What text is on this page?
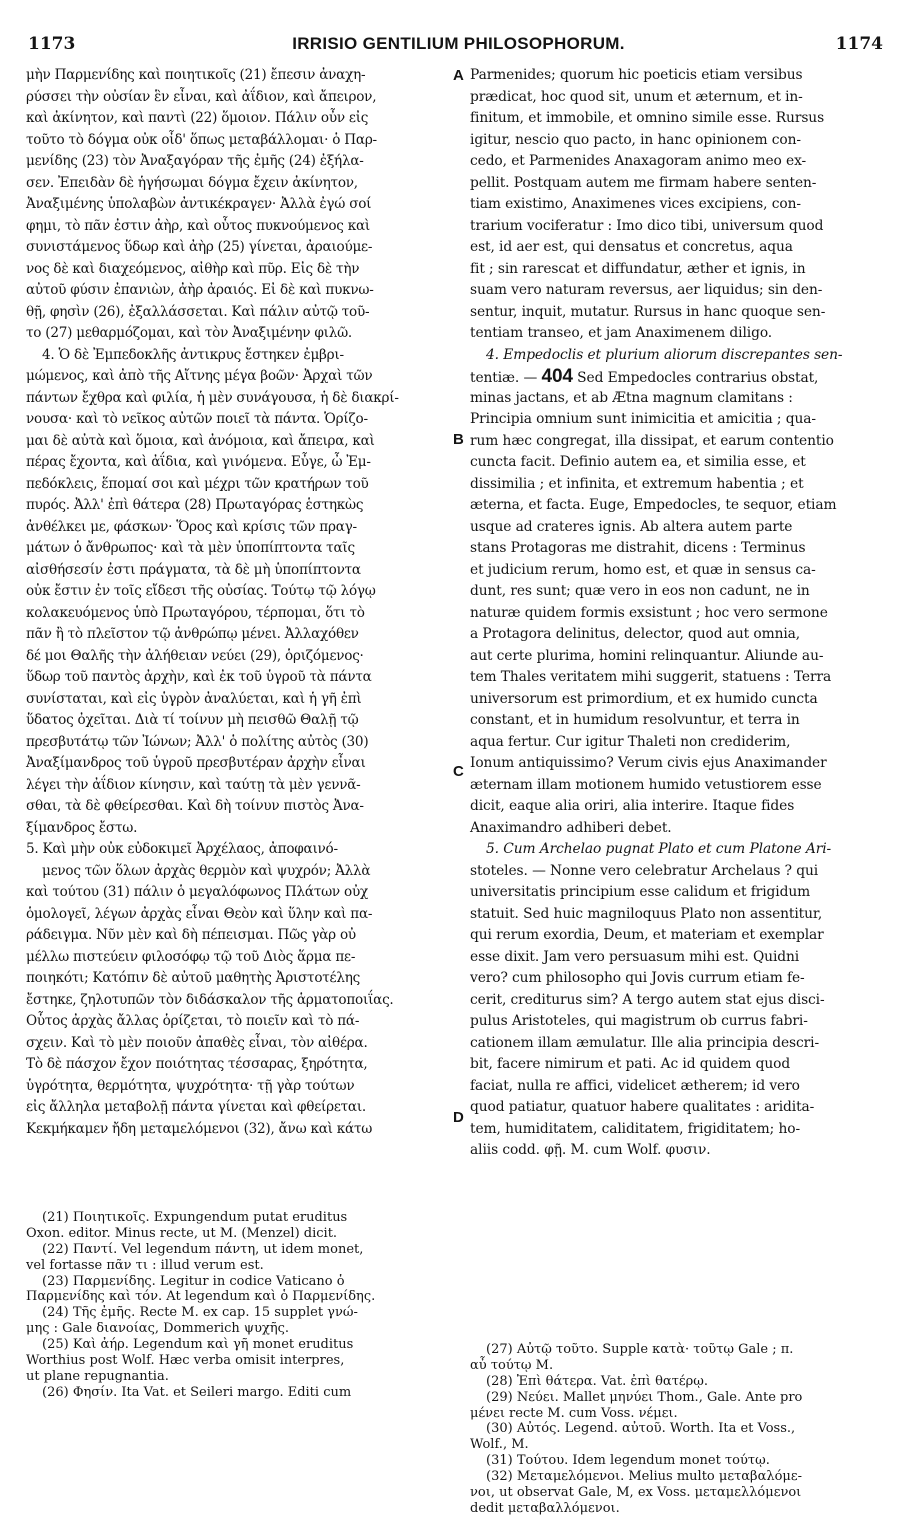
1173	IRRISIO GENTILIUM PHILOSOPHORUM.	1174
A
B
C
D
μὴν Παρμενίδης καὶ ποιητικοῖς (21) ἔπεσιν ἀναχη-
ρύσσει τὴν οὐσίαν ἓν εἶναι, καὶ ἀΐδιον, καὶ ἄπειρον,
καὶ ἀκίνητον, καὶ παντὶ (22) ὅμοιον. Πάλιν οὖν εἰς
τοῦτο τὸ δόγμα οὐκ οἶδ' ὅπως μεταβάλλομαι· ὁ Παρ-
μενίδης (23) τὸν Ἀναξαγόραν τῆς ἐμῆς (24) ἐξήλα-
σεν. Ἐπειδὰν δὲ ἡγήσωμαι δόγμα ἔχειν ἀκίνητον,
Ἀναξιμένης ὑπολαβὼν ἀντικέκραγεν· Ἀλλὰ ἐγώ σοί
φημι, τὸ πᾶν ἐστιν ἀὴρ, καὶ οὗτος πυκνούμενος καὶ
συνιστάμενος ὕδωρ καὶ ἀὴρ (25) γίνεται, ἀραιούμε-
νος δὲ καὶ διαχεόμενος, αἰθὴρ καὶ πῦρ. Εἰς δὲ τὴν
αὐτοῦ φύσιν ἐπανιὼν, ἀὴρ ἀραιός. Εἰ δὲ καὶ πυκνω-
θῇ, φησὶν (26), ἐξαλλάσσεται. Καὶ πάλιν αὐτῷ τοῦ-
το (27) μεθαρμόζομαι, καὶ τὸν Ἀναξιμένην φιλῶ.
4. Ὁ δὲ Ἐμπεδοκλῆς ἀντικρυς ἔστηκεν ἐμβρι-
μώμενος, καὶ ἀπὸ τῆς Αἴτνης μέγα βοῶν· Ἀρχαὶ τῶν
πάντων ἔχθρα καὶ φιλία, ἡ μὲν συνάγουσα, ἡ δὲ διακρί-
νουσα· καὶ τὸ νεῖκος αὐτῶν ποιεῖ τὰ πάντα. Ὁρίζο-
μαι δὲ αὐτὰ καὶ ὅμοια, καὶ ἀνόμοια, καὶ ἄπειρα, καὶ
πέρας ἔχοντα, καὶ ἀΐδια, καὶ γινόμενα. Εὖγε, ὦ Ἐμ-
πεδόκλεις, ἕπομαί σοι καὶ μέχρι τῶν κρατήρων τοῦ
πυρός. Ἀλλ' ἐπὶ θάτερα (28) Πρωταγόρας ἑστηκὼς
ἀνθέλκει με, φάσκων· Ὅρος καὶ κρίσις τῶν πραγ-
μάτων ὁ ἄνθρωπος· καὶ τὰ μὲν ὑποπίπτοντα ταῖς
αἰσθήσεσίν ἐστι πράγματα, τὰ δὲ μὴ ὑποπίπτοντα
οὐκ ἔστιν ἐν τοῖς εἴδεσι τῆς οὐσίας. Τούτῳ τῷ λόγῳ
κολακευόμενος ὑπὸ Πρωταγόρου, τέρπομαι, ὅτι τὸ
πᾶν ἢ τὸ πλεῖστον τῷ ἀνθρώπῳ μένει. Ἀλλαχόθεν
δέ μοι Θαλῆς τὴν ἀλήθειαν νεύει (29), ὁριζόμενος·
ὕδωρ τοῦ παντὸς ἀρχὴν, καὶ ἐκ τοῦ ὑγροῦ τὰ πάντα
συνίσταται, καὶ εἰς ὑγρὸν ἀναλύεται, καὶ ἡ γῆ ἐπὶ
ὕδατος ὀχεῖται. Διὰ τί τοίνυν μὴ πεισθῶ Θαλῇ τῷ
πρεσβυτάτῳ τῶν Ἰώνων; Ἀλλ' ὁ πολίτης αὐτὸς (30)
Ἀναξίμανδρος τοῦ ὑγροῦ πρεσβυτέραν ἀρχὴν εἶναι
λέγει τὴν ἀΐδιον κίνησιν, καὶ ταύτῃ τὰ μὲν γεννᾶ-
σθαι, τὰ δὲ φθείρεσθαι. Καὶ δὴ τοίνυν πιστὸς Ἀνα-
ξίμανδρος ἔστω.
5. Καὶ μὴν οὐκ εὐδοκιμεῖ Ἀρχέλαος, ἀποφαινό-
μενος τῶν ὅλων ἀρχὰς θερμὸν καὶ ψυχρόν; Ἀλλὰ
καὶ τούτου (31) πάλιν ὁ μεγαλόφωνος Πλάτων οὐχ
ὁμολογεῖ, λέγων ἀρχὰς εἶναι Θεὸν καὶ ὕλην καὶ πα-
ράδειγμα. Νῦν μὲν καὶ δὴ πέπεισμαι. Πῶς γὰρ οὐ
μέλλω πιστεύειν φιλοσόφῳ τῷ τοῦ Διὸς ἅρμα πε-
ποιηκότι; Κατόπιν δὲ αὐτοῦ μαθητὴς Ἀριστοτέλης
ἔστηκε, ζηλοτυπῶν τὸν διδάσκαλον τῆς ἁρματοποιΐας.
Οὗτος ἀρχὰς ἄλλας ὁρίζεται, τὸ ποιεῖν καὶ τὸ πά-
σχειν. Καὶ τὸ μὲν ποιοῦν ἀπαθὲς εἶναι, τὸν αἰθέρα.
Τὸ δὲ πάσχον ἔχον ποιότητας τέσσαρας, ξηρότητα,
ὑγρότητα, θερμότητα, ψυχρότητα· τῇ γὰρ τούτων
εἰς ἄλληλα μεταβολῇ πάντα γίνεται καὶ φθείρεται.
Κεκμήκαμεν ἤδη μεταμελόμενοι (32), ἄνω καὶ κάτω
Parmenides; quorum hic poeticis etiam versibus
prædicat, hoc quod sit, unum et æternum, et in-
finitum, et immobile, et omnino simile esse. Rursus
igitur, nescio quo pacto, in hanc opinionem con-
cedo, et Parmenides Anaxagoram animo meo ex-
pellit. Postquam autem me firmam habere senten-
tiam existimo, Anaximenes vices excipiens, con-
trarium vociferatur : Imo dico tibi, universum quod
est, id aer est, qui densatus et concretus, aqua
fit ; sin rarescat et diffundatur, æther et ignis, in
suam vero naturam reversus, aer liquidus; sin den-
sentur, inquit, mutatur. Rursus in hanc quoque sen-
tentiam transeo, et jam Anaximenem diligo.
4. Empedoclis et plurium aliorum discrepantes sen-
tentiæ. — 404 Sed Empedocles contrarius obstat,
minas jactans, et ab Ætna magnum clamitans :
Principia omnium sunt inimicitia et amicitia ; qua-
rum hæc congregat, illa dissipat, et earum contentio
cuncta facit. Definio autem ea, et similia esse, et
dissimilia ; et infinita, et extremum habentia ; et
æterna, et facta. Euge, Empedocles, te sequor, etiam
usque ad crateres ignis. Ab altera autem parte
stans Protagoras me distrahit, dicens : Terminus
et judicium rerum, homo est, et quæ in sensus ca-
dunt, res sunt; quæ vero in eos non cadunt, ne in
naturæ quidem formis exsistunt ; hoc vero sermone
a Protagora delinitus, delector, quod aut omnia,
aut certe plurima, homini relinquantur. Aliunde au-
tem Thales veritatem mihi suggerit, statuens : Terra
universorum est primordium, et ex humido cuncta
constant, et in humidum resolvuntur, et terra in
aqua fertur. Cur igitur Thaleti non crediderim,
Ionum antiquissimo? Verum civis ejus Anaximander
æternam illam motionem humido vetustiorem esse
dicit, eaque alia oriri, alia interire. Itaque fides
Anaximandro adhiberi debet.
5. Cum Archelao pugnat Plato et cum Platone Ari-
stoteles. — Nonne vero celebratur Archelaus ? qui
universitatis principium esse calidum et frigidum
statuit. Sed huic magniloquus Plato non assentitur,
qui rerum exordia, Deum, et materiam et exemplar
esse dixit. Jam vero persuasum mihi est. Quidni
vero? cum philosopho qui Jovis currum etiam fe-
cerit, crediturus sim? A tergo autem stat ejus disci-
pulus Aristoteles, qui magistrum ob currus fabri-
cationem illam æmulatur. Ille alia principia descri-
bit, facere nimirum et pati. Ac id quidem quod
faciat, nulla re affici, videlicet ætherem; id vero
quod patiatur, quatuor habere qualitates : aridita-
tem, humiditatem, caliditatem, frigiditatem; ho-
aliis codd. φῇ. M. cum Wolf. φυσιν.
(21) Ποιητικοῖς. Expungendum putat eruditus
Oxon. editor. Minus recte, ut M. (Menzel) dicit.
(22) Παντί. Vel legendum πάντη, ut idem monet,
vel fortasse πᾶν τι : illud verum est.
(23) Παρμενίδης. Legitur in codice Vaticano ὁ
Παρμενίδης καὶ τόν. At legendum καὶ ὁ Παρμενίδης.
(24) Τῆς ἐμῆς. Recte M. ex cap. 15 supplet γνώ-
μης : Gale διανοίας, Dommerich ψυχῆς.
(25) Καὶ ἀήρ. Legendum καὶ γῆ monet eruditus
Worthius post Wolf. Hæc verba omisit interpres,
ut plane repugnantia.
(26) Φησίν. Ita Vat. et Seileri margo. Editi cum
(27) Αὐτῷ τοῦτο. Supple κατὰ· τοῦτῳ Gale ; π.
αὖ τούτῳ M.
(28) Ἐπὶ θάτερα. Vat. ἐπὶ θατέρῳ.
(29) Νεύει. Mallet μηνύει Thom., Gale. Ante pro
μένει recte M. cum Voss. νέμει.
(30) Αὐτός. Legend. αὐτοῦ. Worth. Ita et Voss.,
Wolf., M.
(31) Τούτου. Idem legendum monet τούτῳ.
(32) Μεταμελόμενοι. Melius multo μεταβαλόμε-
νοι, ut observat Gale, M, ex Voss. μεταμελλόμενοι
dedit μεταβαλλόμενοι.
